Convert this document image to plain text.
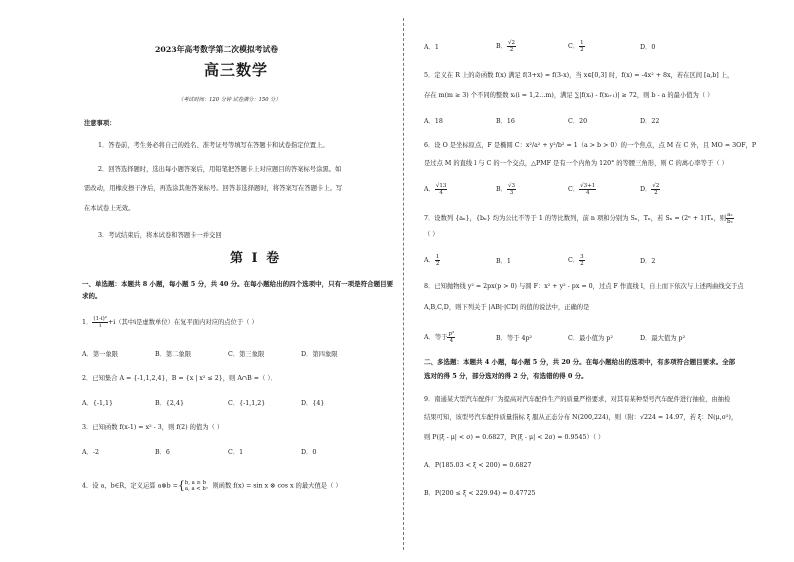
2023年高考数学第二次模拟考试卷
高三数学
（考试时间：120 分钟 试卷满分：150 分）
注意事项：
1．答卷前，考生务必将自己的姓名、准考证号等填写在答题卡和试卷指定位置上。
2．回答选择题时，选出每小题答案后，用铅笔把答题卡上对应题目的答案标号涂黑。如
需改动，用橡皮擦干净后，再选涂其他答案标号。回答非选择题时，将答案写在答题卡上。写
在本试卷上无效。
3．考试结束后，将本试卷和答题卡一并交回
第 I 卷
一、单选题：本题共 8 小题，每小题 5 分，共 40 分。在每小题给出的四个选项中，只有一项是符合题目要
求的。
1． $\frac{\text{(1-i)²}}{i} +i$（其中i是虚数单位）在复平面内对应的点位于（ ）
A．第一象限	B．第二象限	C．第三象限	D．第四象限
2．已知集合 A = {-1,1,2,4}，B = {x | x² ≤ 2}，则 A∩B =（ ）．
A．{-1,1}	B．{2,4}	C．{-1,1,2}	D．{4}
3．已知函数 f(x-1) = x² - 3，则 f(2) 的值为（ ）
A．-2	B．6	C．1	D．0
4．设 a，b∈R，定义运算 a⊗b ={ b, a ≥ b
a, a < b ，则函数 f(x) = sin x ⊗ cos x 的最大值是（ ）
A．1	B． $\frac{√2}{2}$	C． $\frac{1}{2}$	D．0
5．定义在 R 上的奇函数 f(x) 满足 f(3+x) = f(3-x)，当 x∈[0,3] 时，f(x) = -4x² + 8x，若在区间 [a,b] 上，
存在 m(m ≥ 3) 个不同的整数 xᵢ(i = 1,2…m)，满足 ∑|f(xᵢ) - f(xᵢ₊₁)| ≥ 72，则 b - a 的最小值为（ ）
A．18	B．16	C．20	D．22
6．设 O 是坐标原点，F 是椭圆 C：x²/a² + y²/b² = 1（a > b > 0）的一个焦点，点 M 在 C 外，且 MO = 3OF，P
是过点 M 的直线 l 与 C 的一个交点，△PMF 是有一个内角为 120° 的等腰三角形，则 C 的离心率等于（ ）
A． $\frac{√13}{4}$	B． $\frac{√3}{3}$	C． $\frac{√3+1}{4}$	D． $\frac{√2}{2}$
7．设数列 {aₙ}，{bₙ} 均为公比不等于 1 的等比数列，前 n 项和分别为 Sₙ，Tₙ，若 Sₙ = (2ⁿ + 1)Tₙ，则 $\frac{\text{a₂}}{\text{b₂}}$
（ ）
A． $\frac{1}{2}$	B．1	C． $\frac{3}{2}$	D．2
8．已知抛物线 y² = 2px(p > 0) 与圆 F：x² + y² - px = 0，过点 F 作直线 l，自上而下依次与上述两曲线交于点
A,B,C,D，则下列关于 |AB|·|CD| 的值的说法中，正确的是
A．等于 $\frac{\text{p²}}{4}$	B．等于 4p²	C．最小值为 p²	D．最大值为 p²
二、多选题：本题共 4 小题，每小题 5 分，共 20 分。在每小题给出的选项中，有多项符合题目要求。全部
选对的得 5 分，部分选对的得 2 分，有选错的得 0 分。
9．南通某大型汽车配件厂为提高对汽车配件生产的质量严格要求，对其有某种型号汽车配件进行抽检，由抽检
结果可知，该型号汽车配件质量指标 ξ 服从正态分布 N(200,224)，则（附：√224 ≈ 14.97，若 ξ：N(μ,σ²)，
则 P(|ξ - μ| < σ) = 0.6827，P(|ξ - μ| < 2σ) = 0.9545）（ ）
A．P(185.03 < ξ < 200) = 0.6827
B．P(200 ≤ ξ < 229.94) = 0.47725
